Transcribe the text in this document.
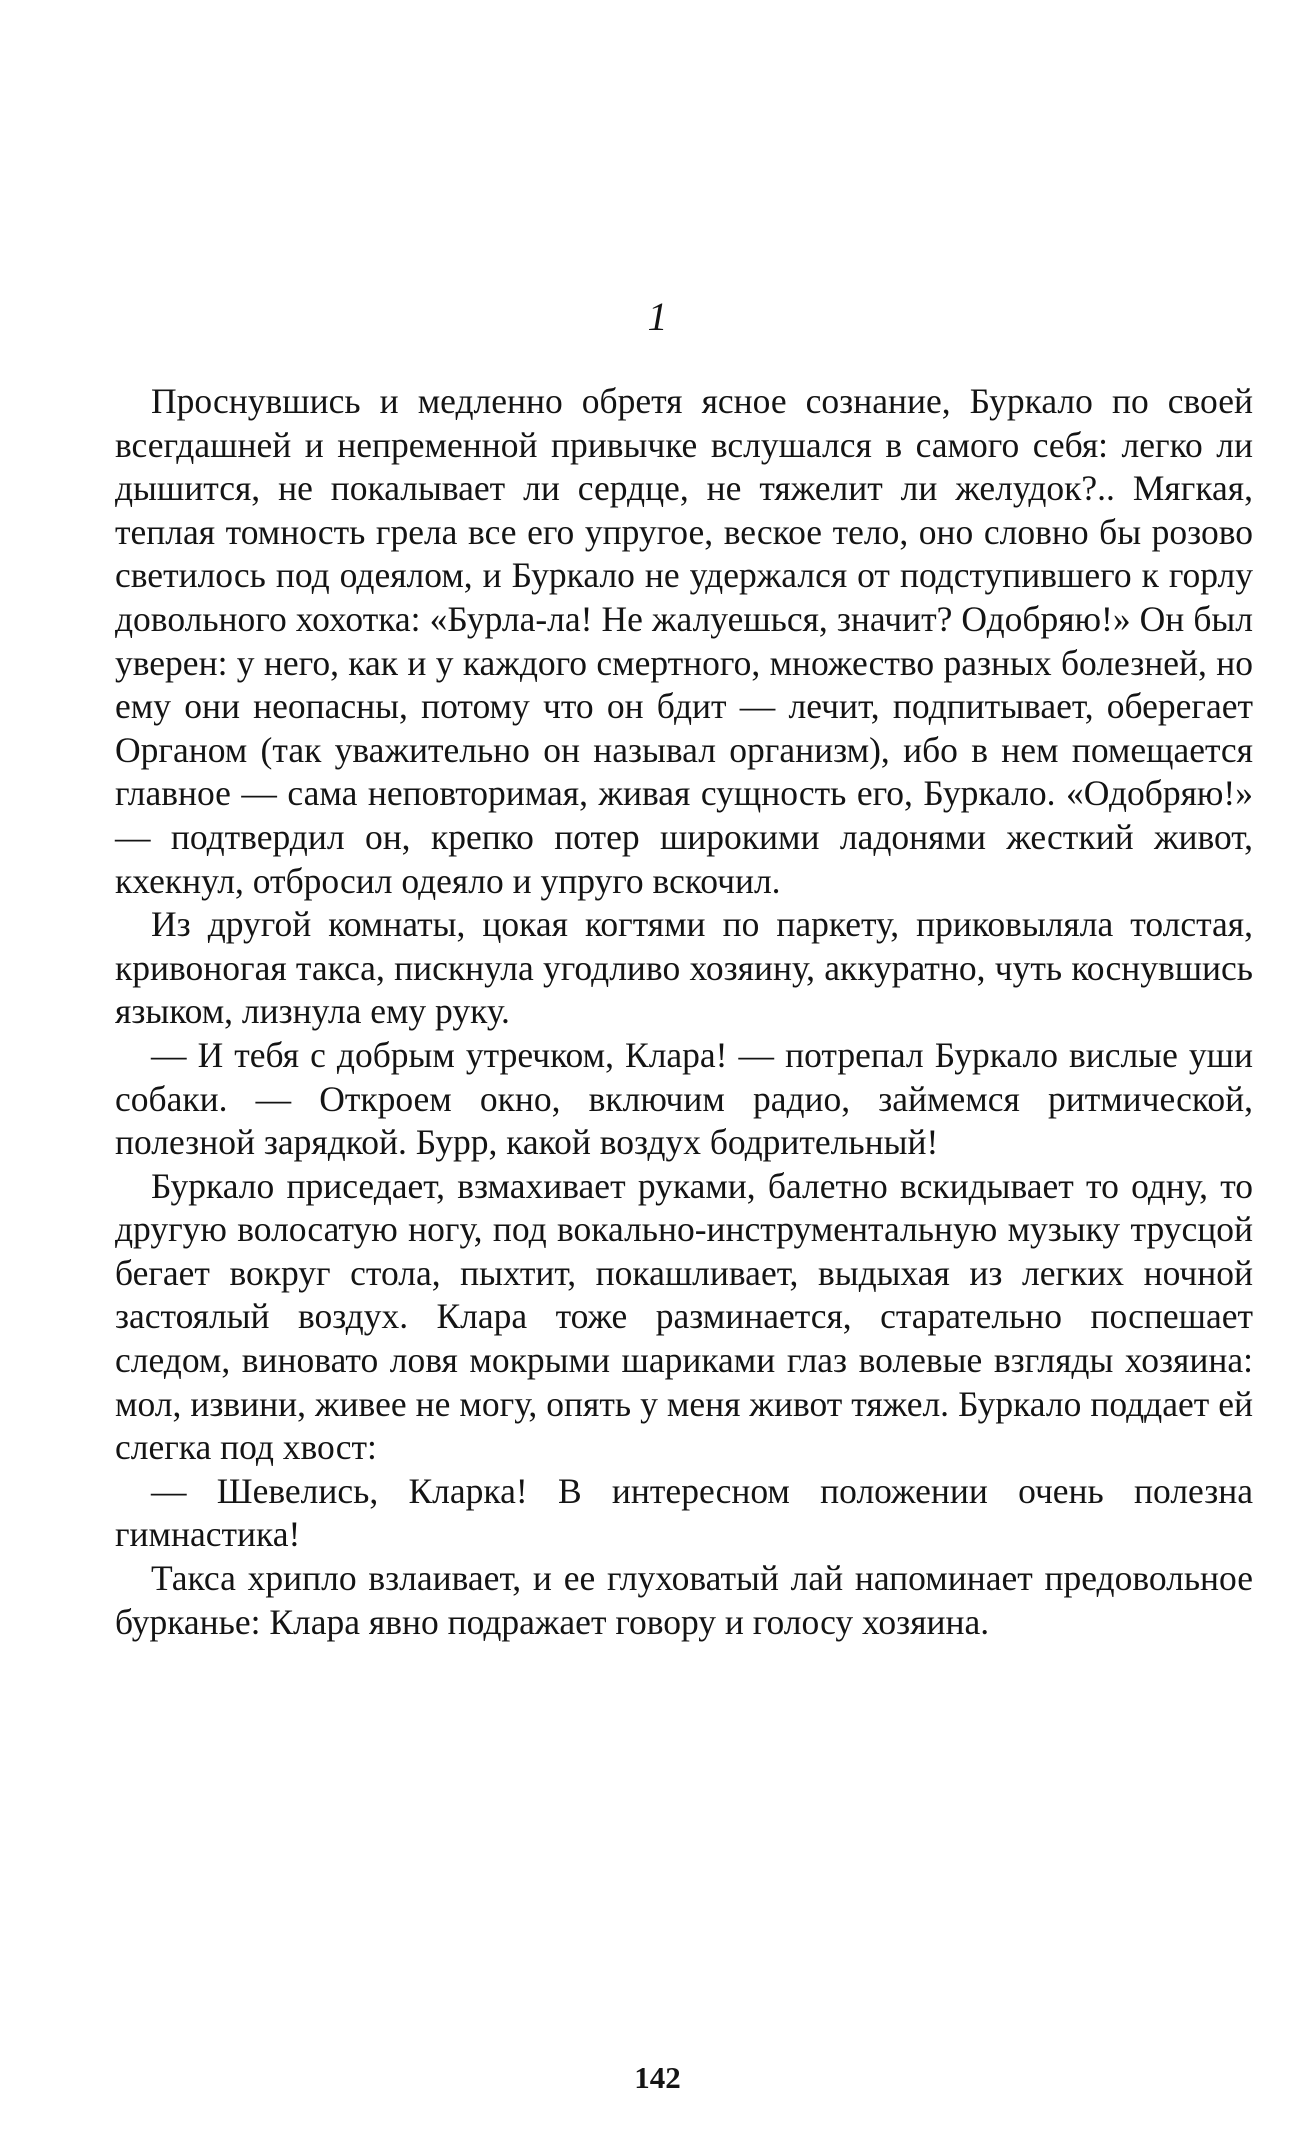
1

Проснувшись и медленно обретя ясное сознание, Буркало по своей всегдашней и непременной привычке вслушался в самого себя: легко ли дышится, не покалывает ли сердце, не тяжелит ли желудок?.. Мягкая, теплая томность грела все его упругое, веское тело, оно словно бы розово светилось под одеялом, и Буркало не удержался от подступившего к горлу довольного хохотка: «Бурла-ла! Не жалуешься, значит? Одобряю!» Он был уверен: у него, как и у каждого смертного, множество разных болезней, но ему они неопасны, потому что он бдит — лечит, подпитывает, оберегает Органом (так уважительно он называл организм), ибо в нем помещается главное — сама неповторимая, живая сущность его, Буркало. «Одобряю!» — подтвердил он, крепко потер широкими ладонями жесткий живот, кхекнул, отбросил одеяло и упруго вскочил.

Из другой комнаты, цокая когтями по паркету, приковыляла толстая, кривоногая такса, пискнула угодливо хозяину, аккуратно, чуть коснувшись языком, лизнула ему руку.

— И тебя с добрым утречком, Клара! — потрепал Буркало вислые уши собаки. — Откроем окно, включим радио, займемся ритмической, полезной зарядкой. Бурр, какой воздух бодрительный!

Буркало приседает, взмахивает руками, балетно вскидывает то одну, то другую волосатую ногу, под вокально-инструментальную музыку трусцой бегает вокруг стола, пыхтит, покашливает, выдыхая из легких ночной застоялый воздух. Клара тоже разминается, старательно поспешает следом, виновато ловя мокрыми шариками глаз волевые взгляды хозяина: мол, извини, живее не могу, опять у меня живот тяжел. Буркало поддает ей слегка под хвост:

— Шевелись, Кларка! В интересном положении очень полезна гимнастика!

Такса хрипло взлаивает, и ее глуховатый лай напоминает предовольное бурканье: Клара явно подражает говору и голосу хозяина.

142
